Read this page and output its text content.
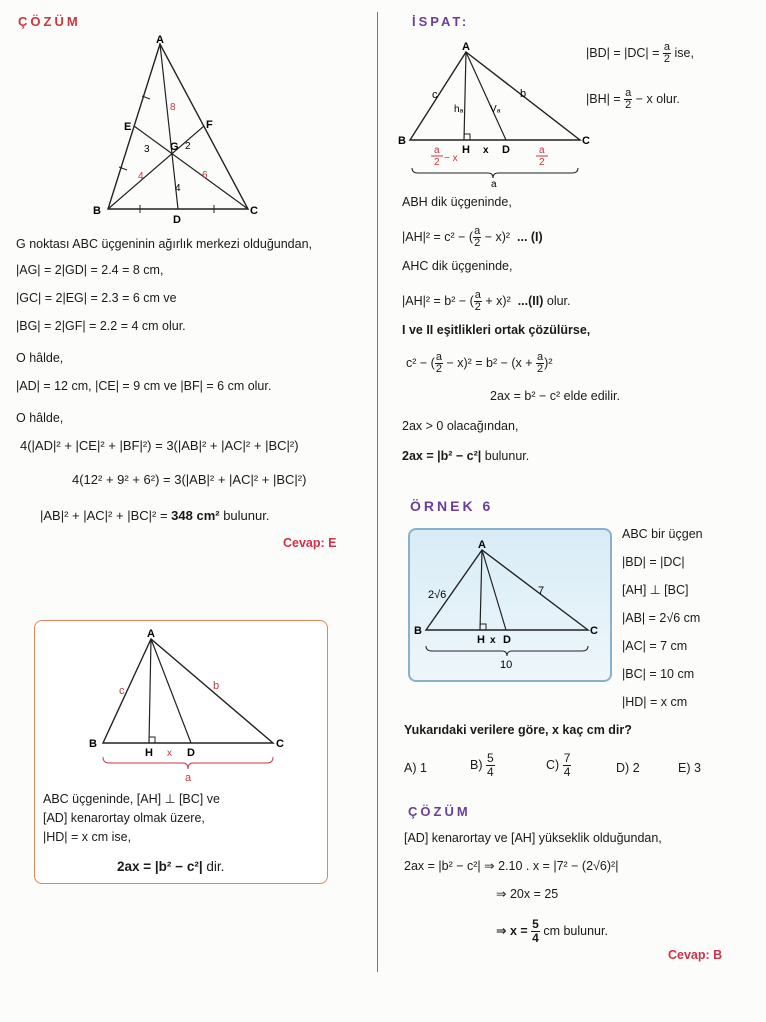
ÇÖZÜM
A
B	C
D
E	F
G
8
3	2
4	6
4
G noktası ABC üçgeninin ağırlık merkezi olduğundan,
|AG| = 2|GD| = 2.4 = 8 cm,
|GC| = 2|EG| = 2.3 = 6 cm ve
|BG| = 2|GF| = 2.2 = 4 cm olur.
O hâlde,
|AD| = 12 cm, |CE| = 9 cm ve |BF| = 6 cm olur.
O hâlde,
4(|AD|² + |CE|² + |BF|²) = 3(|AB|² + |AC|² + |BC|²)
4(12² + 9² + 6²) = 3(|AB|² + |AC|² + |BC|²)
|AB|² + |AC|² + |BC|² = 348 cm² bulunur.
Cevap: E
A
B	C
H	D
x
c	b
a
ABC üçgeninde, [AH] ⊥ [BC] ve
[AD] kenarortay olmak üzere,
|HD| = x cm ise,
2ax = |b² − c²| dir.
İSPAT:
A
B	C
H	D
x
c	b
hₐ	Vₐ
a
2 − x
a
2
a
$|BD| = |DC| = \frac{a}{2}$ ise,
$|BH| = \frac{a}{2} - x$ olur.
ABH dik üçgeninde,
|AH|² = c² − ( $\frac{a}{2} - x)^2$ ... (I)
AHC dik üçgeninde,
|AH|² = b² − ( $\frac{a}{2} + x)^2$ ...(II) olur.
I ve II eşitlikleri ortak çözülürse,
c² − ( $\frac{a}{2} - x)^2 = b^2 - (x + \frac{a}{2} )^2$
2ax = b² − c² elde edilir.
2ax > 0 olacağından,
2ax = |b² − c²| bulunur.
ÖRNEK 6
A
B	C
H D
x
2√6	7
10
ABC bir üçgen
|BD| = |DC|
[AH] ⊥ [BC]
|AB| = 2√6 cm
|AC| = 7 cm
|BC| = 10 cm
|HD| = x cm
Yukarıdaki verilere göre, x kaç cm dir?
A) 1	$B) \frac{5}{4}$	$C) \frac{7}{4}$	D) 2	E) 3
ÇÖZÜM
[AD] kenarortay ve [AH] yükseklik olduğundan,
2ax = |b² − c²| ⇒ 2.10 . x = |7² − (2√6)²|
⇒ 20x = 25
⇒ $x = \frac{5}{4}$ cm bulunur.
Cevap: B
